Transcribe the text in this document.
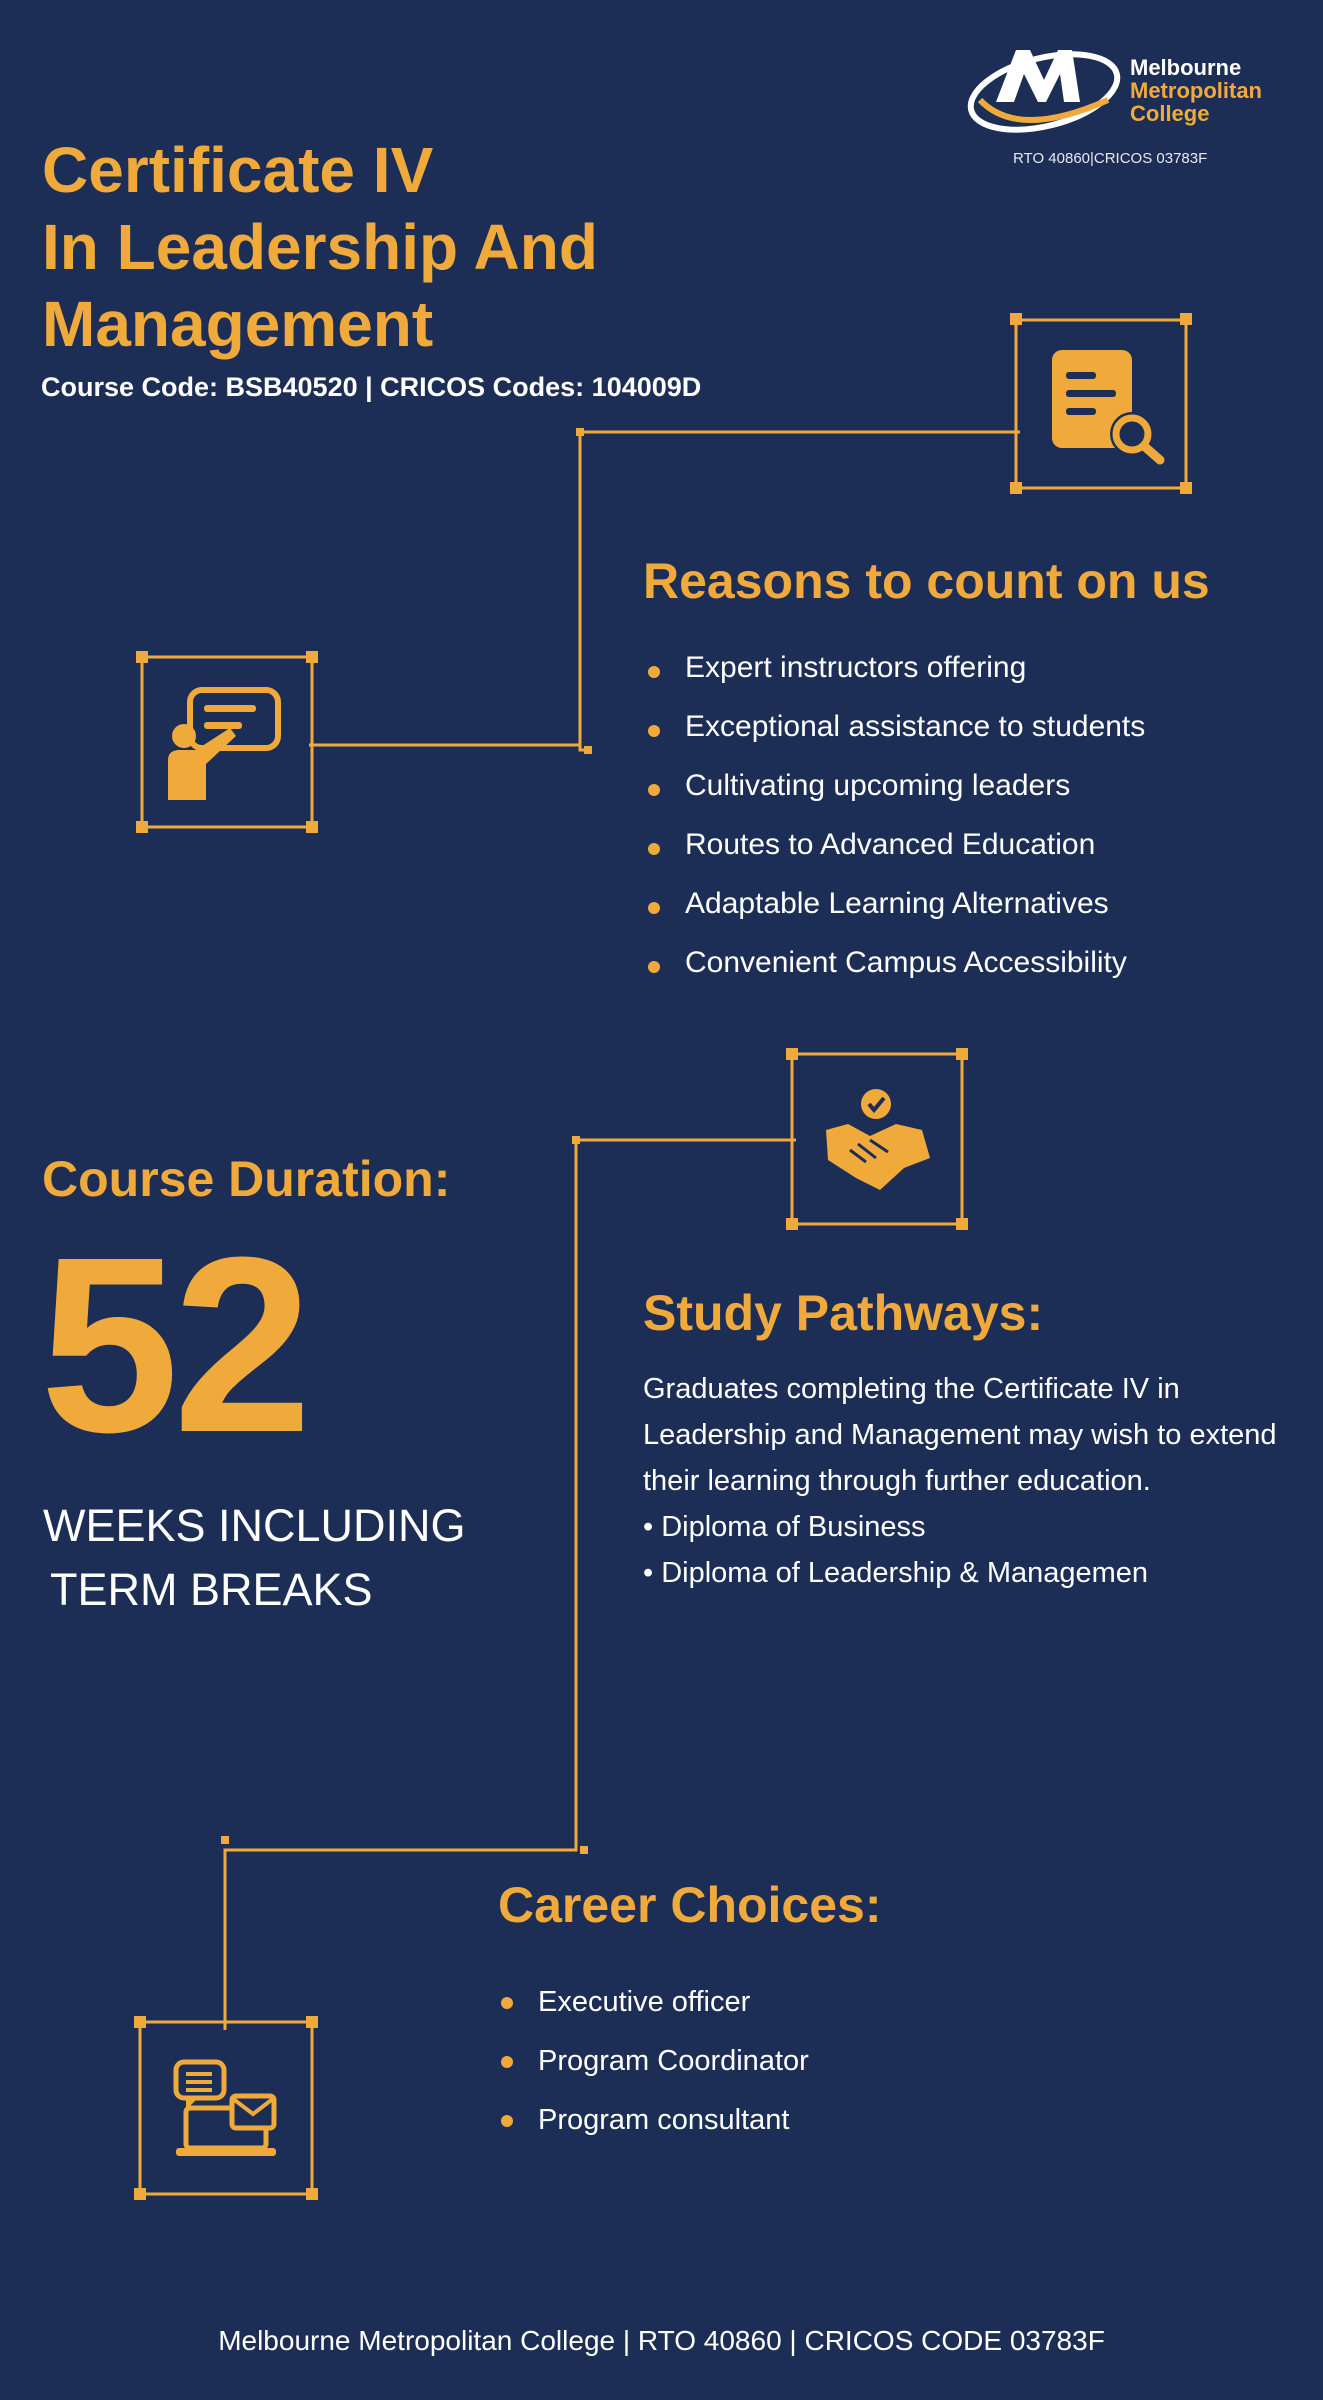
Melbourne
Metropolitan
College
RTO 40860|CRICOS 03783F
Certificate IV
In Leadership And
Management
Course Code: BSB40520 | CRICOS Codes: 104009D
Reasons to count on us
Expert instructors offering
Exceptional assistance to students
Cultivating upcoming leaders
Routes to Advanced Education
Adaptable Learning Alternatives
Convenient Campus Accessibility
Course Duration:
52
WEEKS INCLUDING
TERM BREAKS
Study Pathways:
Graduates completing the Certificate IV in Leadership and Management may wish to extend their learning through further education.
• Diploma of Business
• Diploma of Leadership & Managemen
Career Choices:
Executive officer
Program Coordinator
Program consultant
Melbourne Metropolitan College | RTO 40860 | CRICOS CODE 03783F
